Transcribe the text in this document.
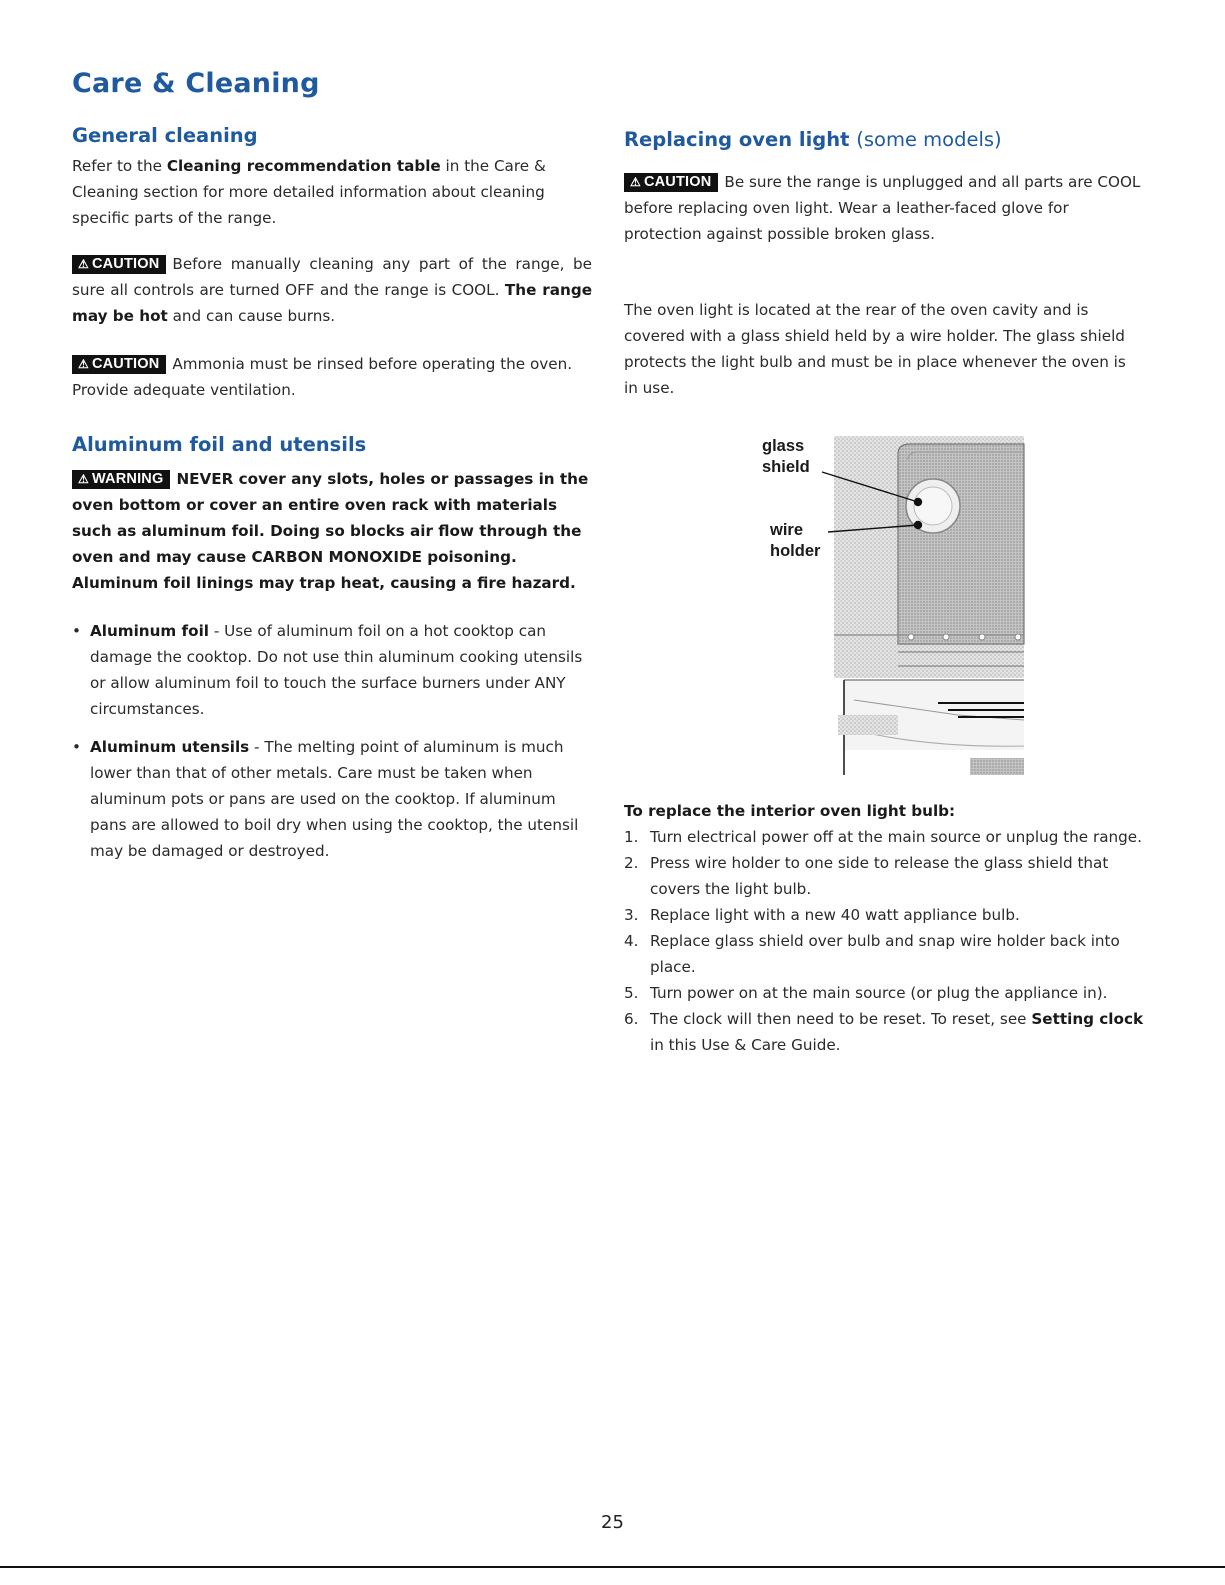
Care & Cleaning
General cleaning

Refer to the Cleaning recommendation table in the Care & Cleaning section for more detailed information about cleaning specific parts of the range.

⚠ CAUTION Before manually cleaning any part of the range, be sure all controls are turned OFF and the range is COOL. The range may be hot and can cause burns.

⚠ CAUTION Ammonia must be rinsed before operating the oven. Provide adequate ventilation.

Aluminum foil and utensils

⚠ WARNING NEVER cover any slots, holes or passages in the oven bottom or cover an entire oven rack with materials such as aluminum foil. Doing so blocks air flow through the oven and may cause CARBON MONOXIDE poisoning. Aluminum foil linings may trap heat, causing a fire hazard.

• Aluminum foil - Use of aluminum foil on a hot cooktop can damage the cooktop. Do not use thin aluminum cooking utensils or allow aluminum foil to touch the surface burners under ANY circumstances.
• Aluminum utensils - The melting point of aluminum is much lower than that of other metals. Care must be taken when aluminum pots or pans are used on the cooktop. If aluminum pans are allowed to boil dry when using the cooktop, the utensil may be damaged or destroyed.
Replacing oven light (some models)

⚠ CAUTION Be sure the range is unplugged and all parts are COOL before replacing oven light. Wear a leather-faced glove for protection against possible broken glass.

The oven light is located at the rear of the oven cavity and is covered with a glass shield held by a wire holder. The glass shield protects the light bulb and must be in place whenever the oven is in use.

glass
shield
wire
holder
To replace the interior oven light bulb:
1. Turn electrical power off at the main source or unplug the range.
2. Press wire holder to one side to release the glass shield that covers the light bulb.
3. Replace light with a new 40 watt appliance bulb.
4. Replace glass shield over bulb and snap wire holder back into place.
5. Turn power on at the main source (or plug the appliance in).
6. The clock will then need to be reset. To reset, see Setting clock in this Use & Care Guide.
25
